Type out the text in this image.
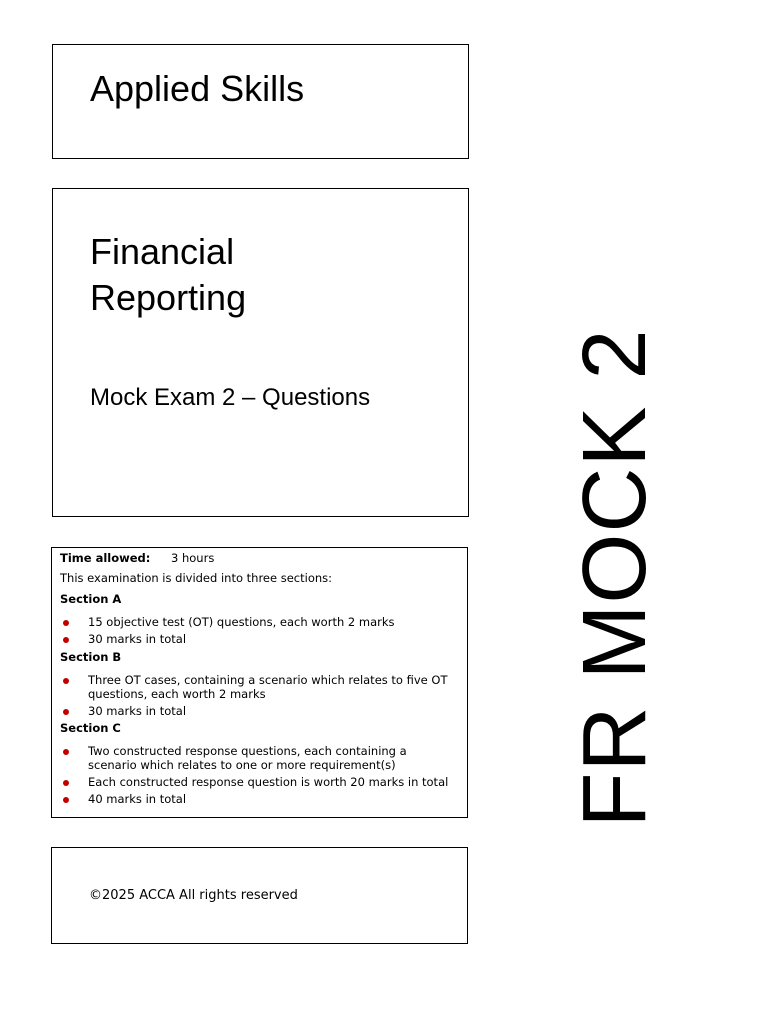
Applied Skills
Financial
Reporting

Mock Exam 2 – Questions

Time allowed: 3 hours
This examination is divided into three sections:
Section A
15 objective test (OT) questions, each worth 2 marks
30 marks in total
Section B
Three OT cases, containing a scenario which relates to five OT questions, each worth 2 marks
30 marks in total
Section C
Two constructed response questions, each containing a scenario which relates to one or more requirement(s)
Each constructed response question is worth 20 marks in total
40 marks in total
©2025 ACCA All rights reserved
FR MOCK 2
